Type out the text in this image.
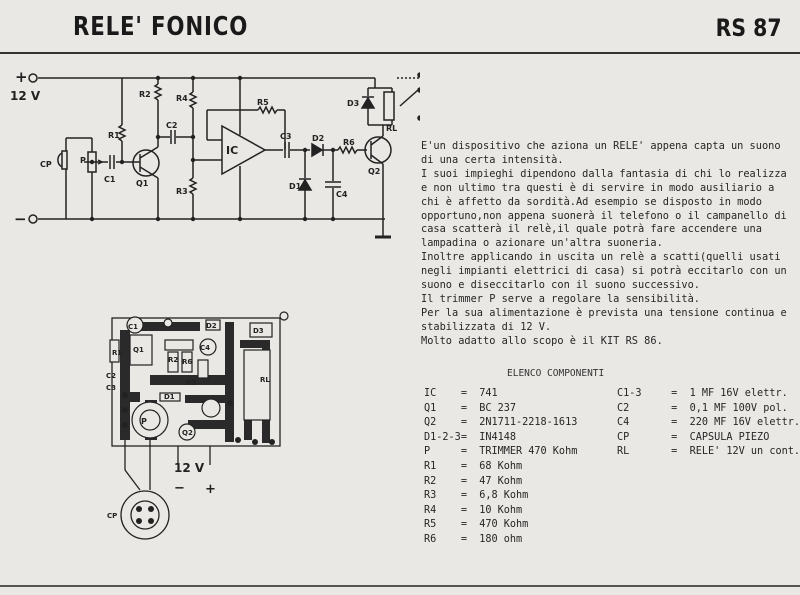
RELE' FONICO	RS 87
+
12 V
−
R2	R4
R1
C2
R3
P
CP
C1	Q1
IC
R5
C3	D2 R6
D1
C4
Q2
D3
RL
C1
R1 Q1
P
C2
C3
R2 R6
C4
D2
D3
RL
R3
D1
Q2
12 V
− +
CP

E'un dispositivo che aziona un RELE' appena capta un suono di una certa intensità.

I suoi impieghi dipendono dalla fantasia di chi lo realizza e non ultimo tra questi è di servire in modo ausiliario a chi è affetto da sordità.Ad esempio se disposto in modo opportuno,non appena suonerà il telefono o il campanello di casa scatterà il relè,il quale potrà fare accendere una lampadina o azionare un'altra suoneria.

Inoltre applicando in uscita un relè a scatti(quelli usati negli impianti elettrici di casa) si potrà eccitarlo con un suono e diseccitarlo con il suono successivo.

Il trimmer P serve a regolare la sensibilità.

Per la sua alimentazione è prevista una tensione continua e stabilizzata di 12 V.

Molto adatto allo scopo è il KIT RS 86.

ELENCO COMPONENTI
IC	=	741	C1-3	=	1 MF 16V elettr.
Q1	=	BC 237	C2	=	0,1 MF 100V pol.
Q2	=	2N1711-2218-1613	C4	=	220 MF 16V elettr.
D1-2-3	=	IN4148	CP	=	CAPSULA PIEZO
P	=	TRIMMER 470 Kohm	RL	=	RELE' 12V un cont.
R1	=	68 Kohm			
R2	=	47 Kohm			
R3	=	6,8 Kohm			
R4	=	10 Kohm			
R5	=	470 Kohm			
R6	=	180 ohm			
